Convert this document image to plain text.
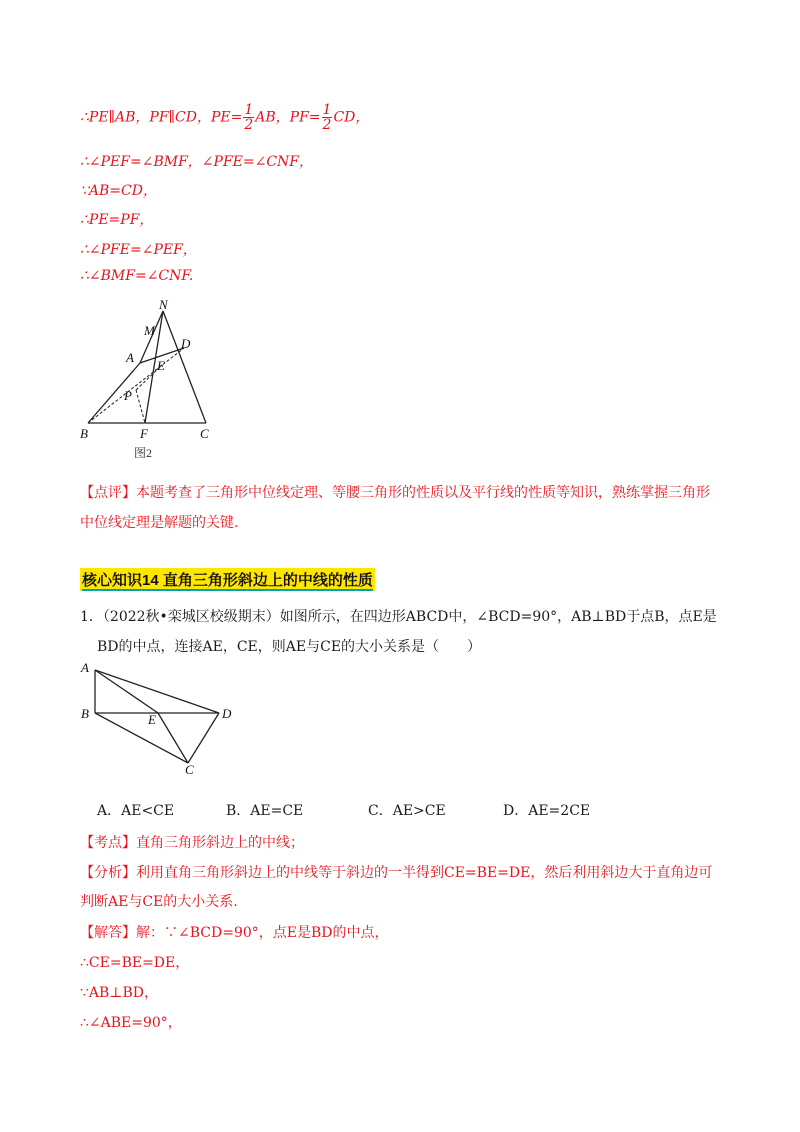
∴PE∥AB，PF∥CD，$PE= \frac{1}{2}$ AB，$PF= \frac{1}{2}$ CD，
∴∠PEF=∠BMF，∠PFE=∠CNF，
∵AB=CD，
∴PE=PF，
∴∠PFE=∠PEF，
∴∠BMF=∠CNF.
N
M
A
D
E
P
B	F	C
图2
【点评】本题考查了三角形中位线定理、等腰三角形的性质以及平行线的性质等知识，熟练掌握三角形
中位线定理是解题的关键.
核心知识14 直角三角形斜边上的中线的性质
1．（2022秋•栾城区校级期末）如图所示，在四边形ABCD中，∠BCD=90°，AB⊥BD于点B，点E是
BD的中点，连接AE，CE，则AE与CE的大小关系是（　　）
A
B	E	D
C
A．AE<CE	B．AE=CE	C．AE>CE	D．AE=2CE
【考点】直角三角形斜边上的中线；
【分析】利用直角三角形斜边上的中线等于斜边的一半得到CE=BE=DE，然后利用斜边大于直角边可
判断AE与CE的大小关系.
【解答】解：∵∠BCD=90°，点E是BD的中点，
∴CE=BE=DE，
∵AB⊥BD，
∴∠ABE=90°，
